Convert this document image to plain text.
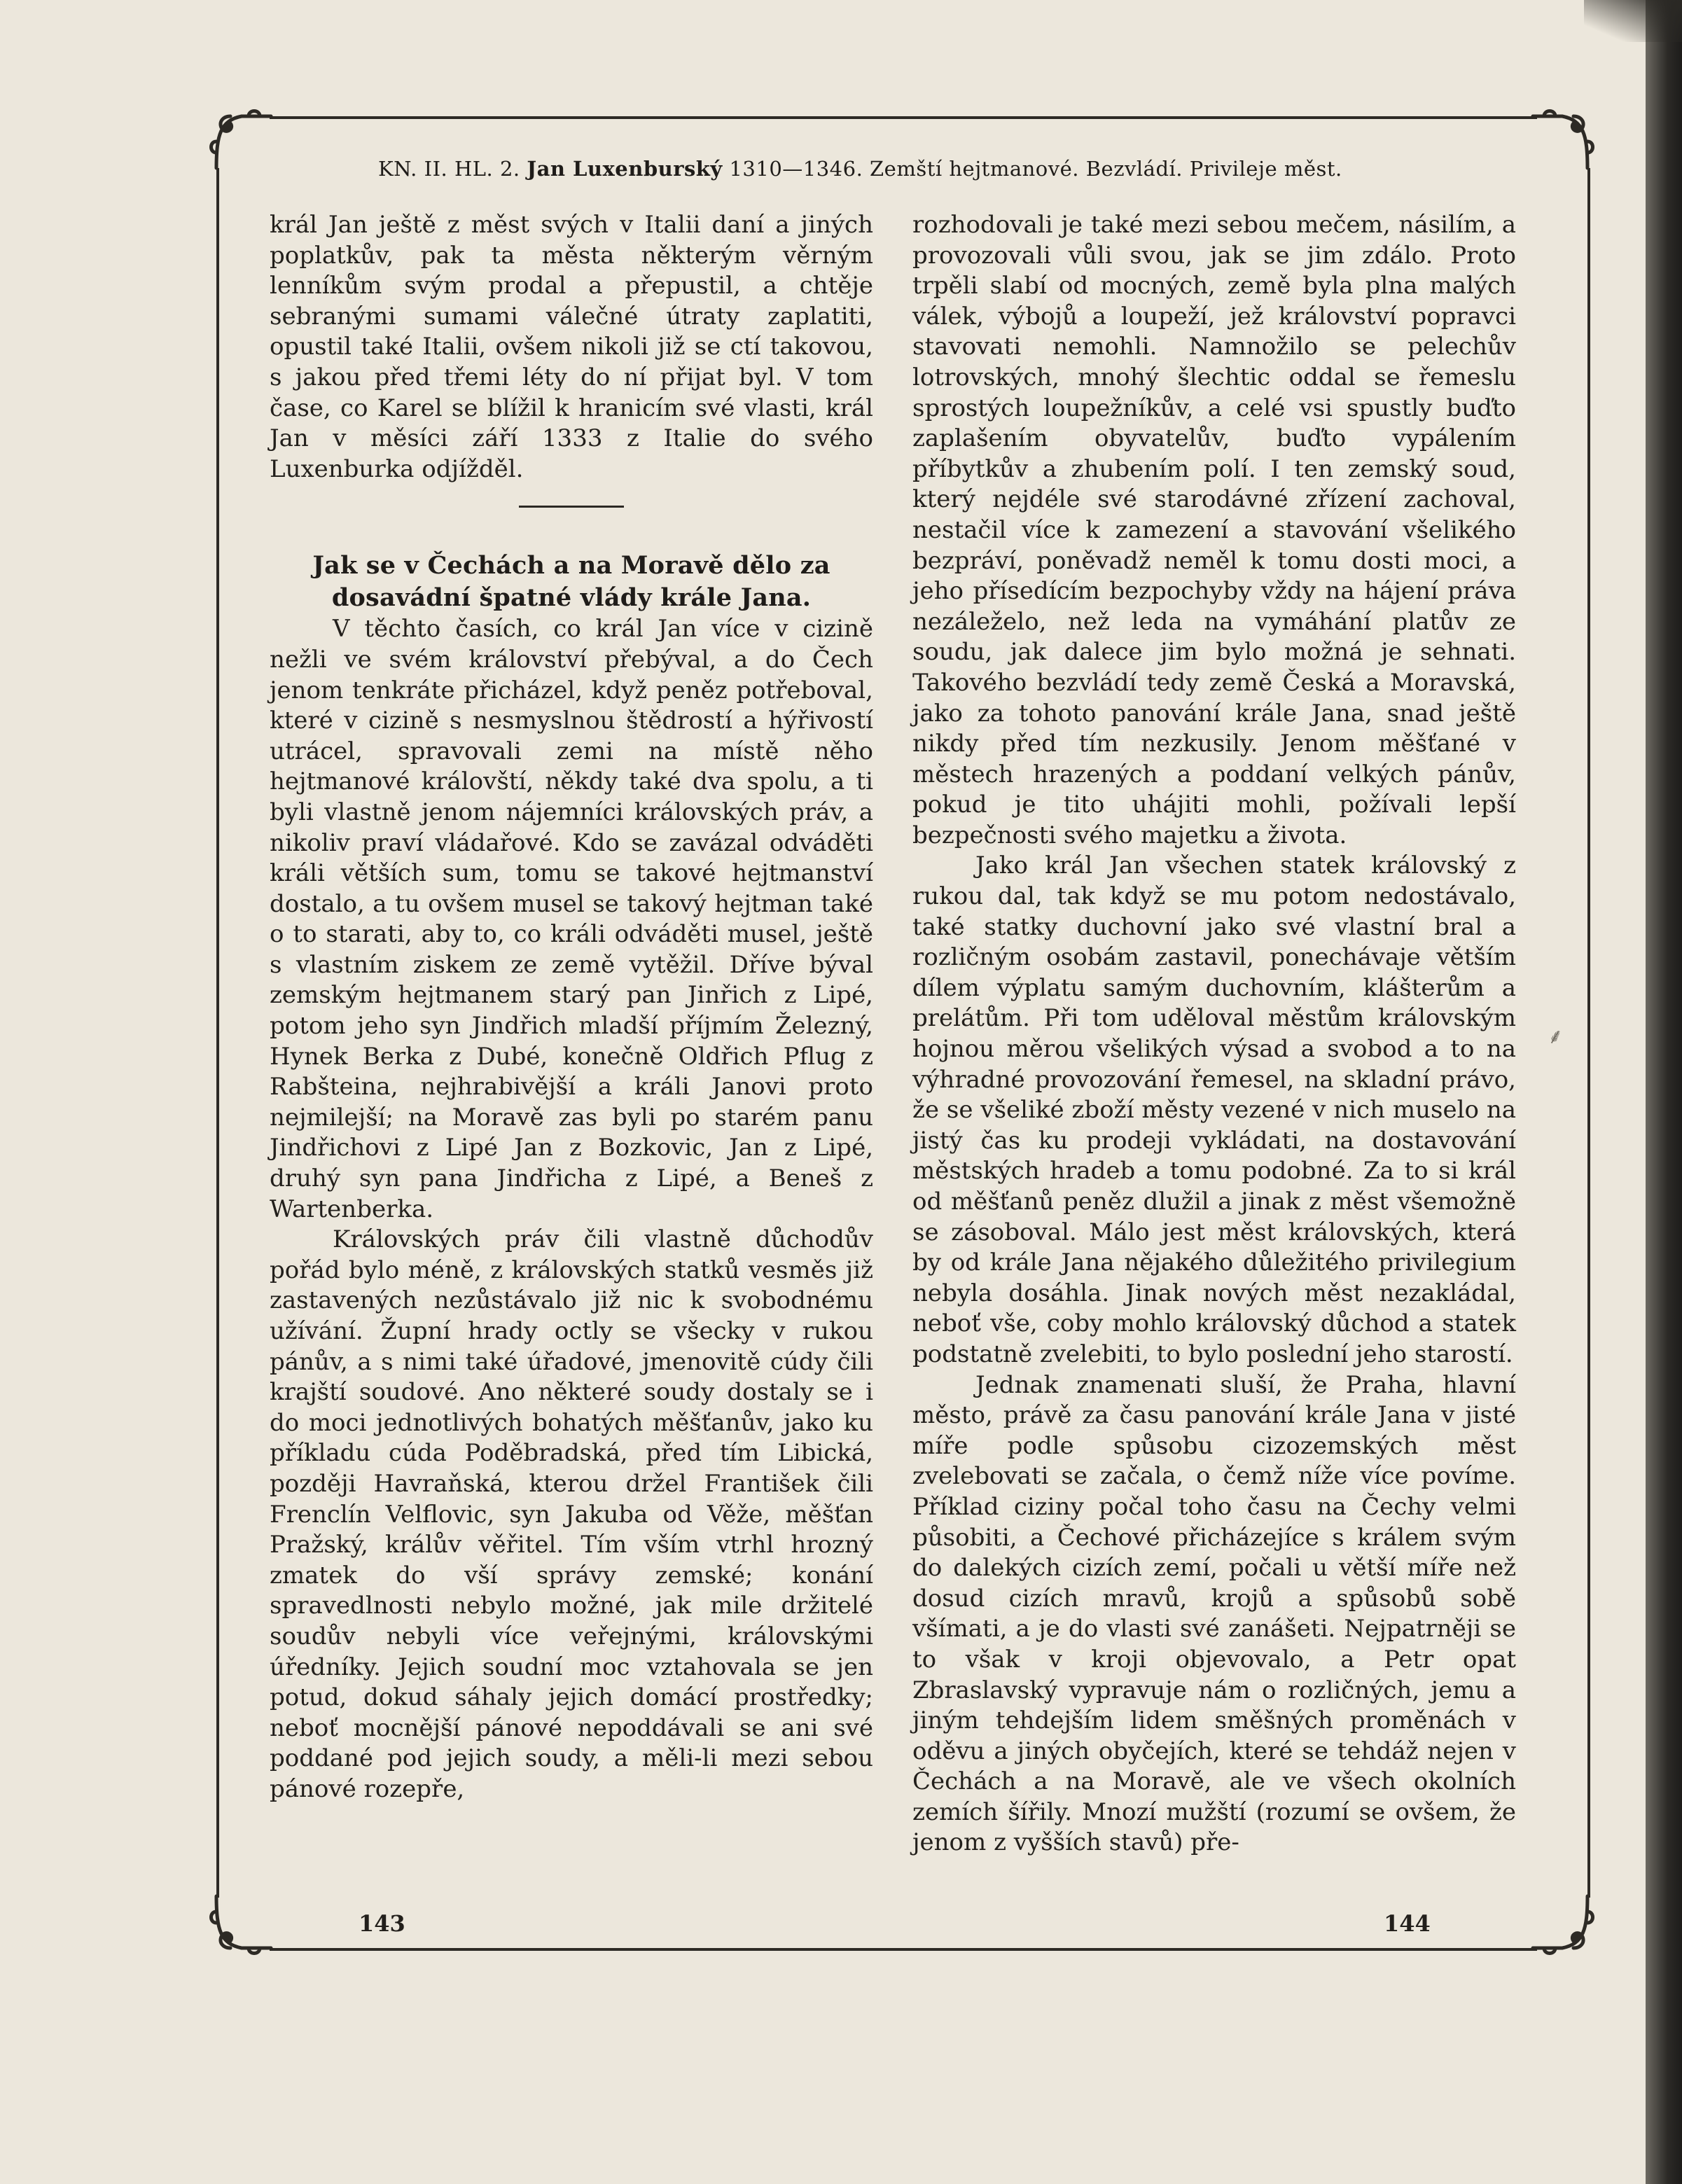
KN. II. HL. 2. Jan Luxenburský 1310—1346. Zemští hejtmanové. Bezvládí. Privileje měst.

král Jan ještě z měst svých v Italii daní a jiných poplatkův, pak ta města některým věrným lenníkům svým prodal a přepustil, a chtěje sebranými sumami válečné útraty zaplatiti, opustil také Italii, ovšem nikoli již se ctí takovou, s jakou před třemi léty do ní přijat byl. V tom čase, co Karel se blížil k hranicím své vlasti, král Jan v měsíci září 1333 z Italie do svého Luxenburka odjížděl.

Jak se v Čechách a na Moravě dělo za dosavádní špatné vlády krále Jana.

V těchto časích, co král Jan více v cizině nežli ve svém království přebýval, a do Čech jenom tenkráte přicházel, když peněz potřeboval, které v cizině s nesmyslnou štědrostí a hýřivostí utrácel, spravovali zemi na místě něho hejtmanové královští, někdy také dva spolu, a ti byli vlastně jenom nájemníci královských práv, a nikoliv praví vládařové. Kdo se zavázal odváděti králi větších sum, tomu se takové hejtmanství dostalo, a tu ovšem musel se takový hejtman také o to starati, aby to, co králi odváděti musel, ještě s vlastním ziskem ze země vytěžil. Dříve býval zemským hejtmanem starý pan Jinřich z Lipé, potom jeho syn Jindřich mladší příjmím Železný, Hynek Berka z Dubé, konečně Oldřich Pflug z Rabšteina, nejhrabivější a králi Janovi proto nejmilejší; na Moravě zas byli po starém panu Jindřichovi z Lipé Jan z Bozkovic, Jan z Lipé, druhý syn pana Jindřicha z Lipé, a Beneš z Wartenberka.

Královských práv čili vlastně důchodův pořád bylo méně, z královských statků vesměs již zastavených nezůstávalo již nic k svobodnému užívání. Župní hrady octly se všecky v rukou pánův, a s nimi také úřadové, jmenovitě cúdy čili krajští soudové. Ano některé soudy dostaly se i do moci jednotlivých bohatých měšťanův, jako ku příkladu cúda Poděbradská, před tím Libická, později Havraňská, kterou držel František čili Frenclín Velflovic, syn Jakuba od Věže, měšťan Pražský, králův věřitel. Tím vším vtrhl hrozný zmatek do vší správy zemské; konání spravedlnosti nebylo možné, jak mile držitelé soudův nebyli více veřejnými, královskými úředníky. Jejich soudní moc vztahovala se jen potud, dokud sáhaly jejich domácí prostředky; neboť mocnější pánové nepoddávali se ani své poddané pod jejich soudy, a měli-li mezi sebou pánové rozepře,

rozhodovali je také mezi sebou mečem, násilím, a provozovali vůli svou, jak se jim zdálo. Proto trpěli slabí od mocných, země byla plna malých válek, výbojů a loupeží, jež království popravci stavovati nemohli. Namnožilo se pelechův lotrovských, mnohý šlechtic oddal se řemeslu sprostých loupežníkův, a celé vsi spustly buďto zaplašením obyvatelův, buďto vypálením příbytkův a zhubením polí. I ten zemský soud, který nejdéle své starodávné zřízení zachoval, nestačil více k zamezení a stavování všelikého bezpráví, poněvadž neměl k tomu dosti moci, a jeho přísedícím bezpochyby vždy na hájení práva nezáleželo, než leda na vymáhání platův ze soudu, jak dalece jim bylo možná je sehnati. Takového bezvládí tedy země Česká a Moravská, jako za tohoto panování krále Jana, snad ještě nikdy před tím nezkusily. Jenom měšťané v městech hrazených a poddaní velkých pánův, pokud je tito uhájiti mohli, požívali lepší bezpečnosti svého majetku a života.

Jako král Jan všechen statek královský z rukou dal, tak když se mu potom nedostávalo, také statky duchovní jako své vlastní bral a rozličným osobám zastavil, ponechávaje větším dílem výplatu samým duchovním, klášterům a prelátům. Při tom uděloval městům královským hojnou měrou všelikých výsad a svobod a to na výhradné provozování řemesel, na skladní právo, že se všeliké zboží městy vezené v nich muselo na jistý čas ku prodeji vykládati, na dostavování městských hradeb a tomu podobné. Za to si král od měšťanů peněz dlužil a jinak z měst všemožně se zásoboval. Málo jest měst královských, která by od krále Jana nějakého důležitého privilegium nebyla dosáhla. Jinak nových měst nezakládal, neboť vše, coby mohlo královský důchod a statek podstatně zvelebiti, to bylo poslední jeho starostí.

Jednak znamenati sluší, že Praha, hlavní město, právě za času panování krále Jana v jisté míře podle spůsobu cizozemských měst zvelebovati se začala, o čemž níže více povíme. Příklad ciziny počal toho času na Čechy velmi působiti, a Čechové přicházejíce s králem svým do dalekých cizích zemí, počali u větší míře než dosud cizích mravů, krojů a spůsobů sobě všímati, a je do vlasti své zanášeti. Nejpatrněji se to však v kroji objevovalo, a Petr opat Zbraslavský vypravuje nám o rozličných, jemu a jiným tehdejším lidem směšných proměnách v oděvu a jiných obyčejích, které se tehdáž nejen v Čechách a na Moravě, ale ve všech okolních zemích šířily. Mnozí mužští (rozumí se ovšem, že jenom z vyšších stavů) pře-

⸙
143	144
